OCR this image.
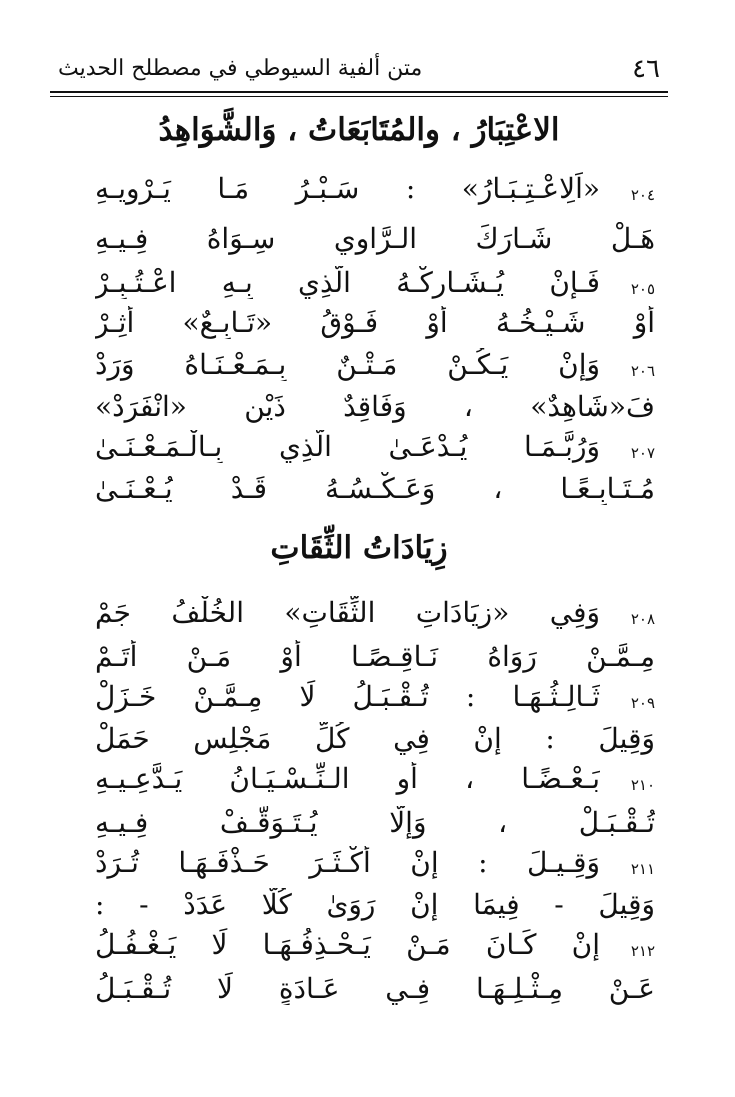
٤٦
متن ألفية السيوطي في مصطلح الحديث
الاعْتِبَارُ ، والمُتَابَعَاتُ ، وَالشَّوَاهِدُ
٢٠٤
«اَلِاعْـتِـبَـارُ» : سَـبْـرُ مَـا يَـرْوِيـهِ
هَـلْ شَـارَكَ الـرَّاوِي سِـوَاهُ فِـيـهِ
٢٠٥
فَـإِنْ يُـشَـارِكْـهُ الَّذِي بِـهِ اعْـتُـبِـرْ
أَوْ شَـيْـخُـهُ أَوْ فَـوْقُ «تَـابِـعٌ» أُثِـرْ
٢٠٦
وَإِنْ يَـكُـنْ مَـتْـنٌ بِـمَـعْـنَـاهُ وَرَدْ
فَ«شَاهِدٌ» ، وَفَاقِدٌ ذَيْنِ «انْفَرَدْ»
٢٠٧
وَرُبَّـمَـا يُـدْعَـىٰ الَّذِي بِـالْـمَـعْـنَـىٰ
مُـتَـابِـعًـا ، وَعَـكْـسُـهُ قَـدْ يُـعْـنَـىٰ
زِيَادَاتُ الثِّقَاتِ
٢٠٨
وَفِي «زِيَادَاتِ الثِّقَاتِ» الخُلْفُ جَمْ
مِـمَّـنْ رَوَاهُ نَـاقِـصًـا أَوْ مَـنْ أَتَـمْ
٢٠٩
ثَـالِـثُـهَـا : تُـقْـبَـلُ لَا مِـمَّـنْ خَـزَلْ
وَقِيلَ : إِنْ فِي كُلِّ مَجْلِسٍ حَمَلْ
٢١٠
بَـعْـضًـا ، أَوِ الـنِّـسْـيَـانُ يَـدَّعِـيـهِ
تُـقْـبَـلْ ، وَإِلَّا يُـتَـوَقَّـفْ فِـيـهِ
٢١١
وَقِـيـلَ : إِنْ أَكْـثَـرَ حَـذْفَـهَـا تُـرَدْ
وَقِيلَ - فِيمَا إِنْ رَوَىٰ كُلًّا عَدَدْ - :
٢١٢
إِنْ كَـانَ مَـنْ يَـحْـذِفُـهَـا لَا يَـغْـفُـلُ
عَـنْ مِـثْـلِـهَـا فِـي عَـادَةٍ لَا تُـقْـبَـلُ
